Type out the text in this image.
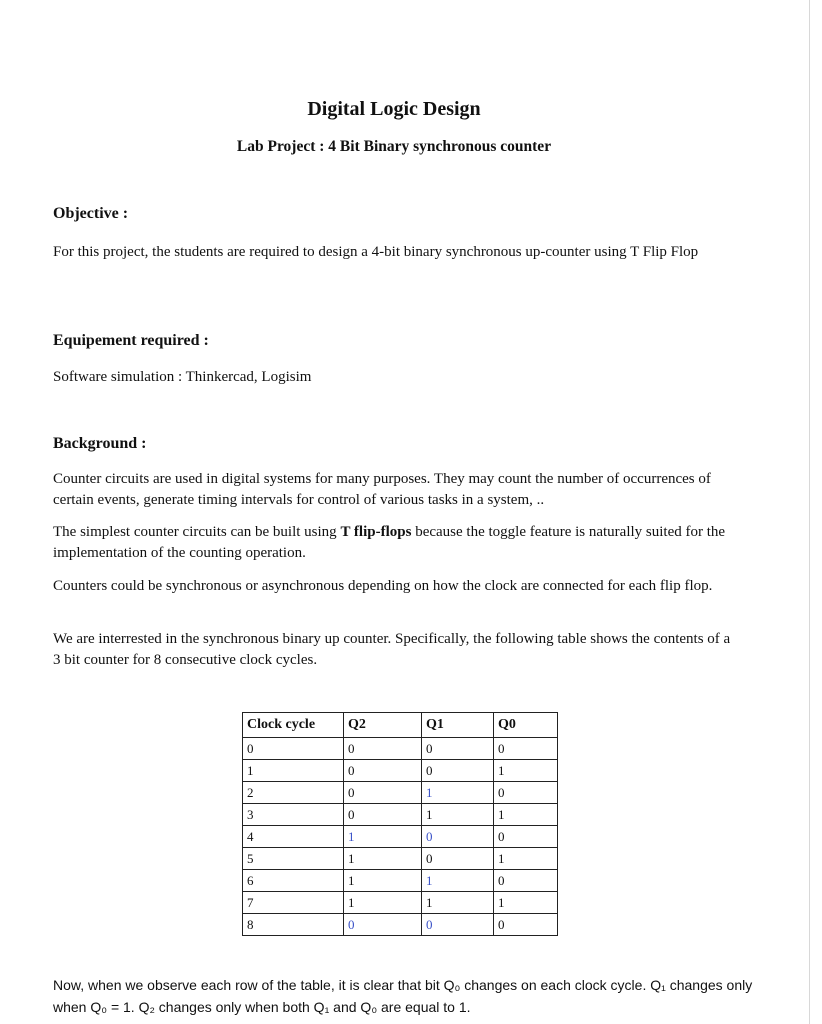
Digital Logic Design
Lab Project : 4 Bit Binary synchronous counter
Objective :

For this project, the students are required to design a 4-bit binary synchronous up-counter using T Flip Flop

Equipement required :

Software simulation : Thinkercad, Logisim

Background :

Counter circuits are used in digital systems for many purposes. They may count the number of occurrences of certain events, generate timing intervals for control of various tasks in a system, ..

The simplest counter circuits can be built using T flip-flops because the toggle feature is naturally suited for the implementation of the counting operation.

Counters could be synchronous or asynchronous depending on how the clock are connected for each flip flop.

We are interrested in the synchronous binary up counter. Specifically, the following table shows the contents of a 3 bit counter for 8 consecutive clock cycles.

Clock cycle	Q2	Q1	Q0
0	0	0	0
1	0	0	1
2	0	1	0
3	0	1	1
4	1	0	0
5	1	0	1
6	1	1	0
7	1	1	1
8	0	0	0

Now, when we observe each row of the table, it is clear that bit Q₀ changes on each clock cycle. Q₁ changes only when Q₀ = 1. Q₂ changes only when both Q₁ and Q₀ are equal to 1.
